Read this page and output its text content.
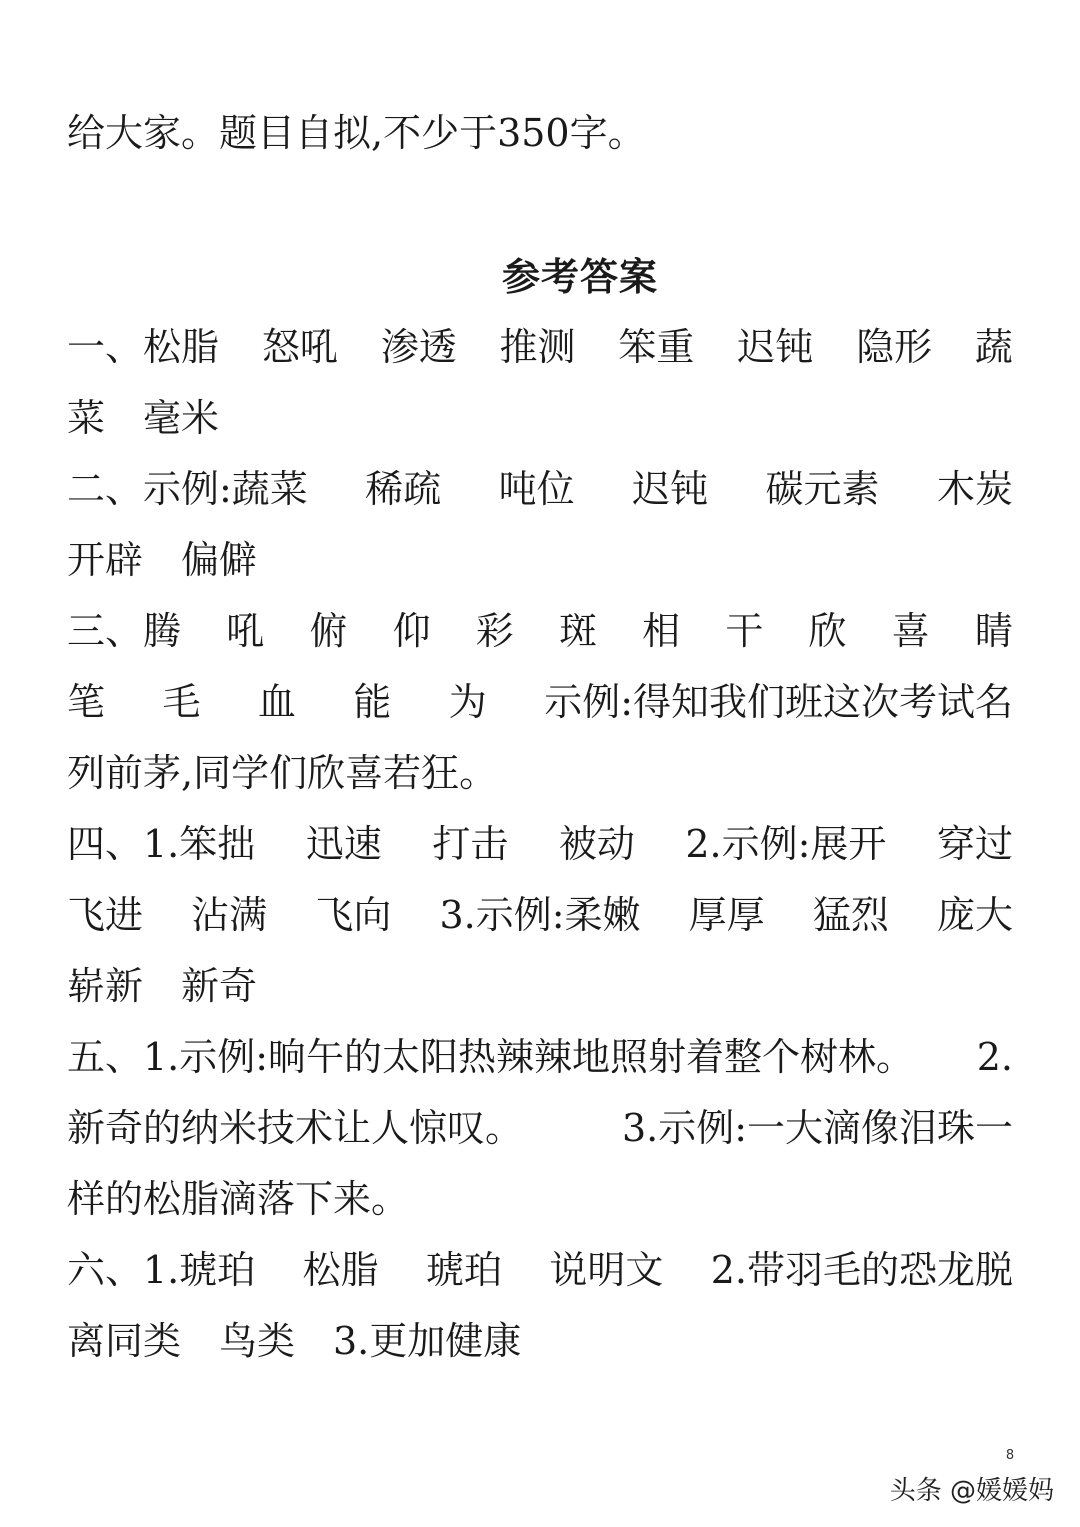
给大家。题目自拟,不少于350字。
参考答案
一、松脂 怒吼 渗透 推测 笨重 迟钝 隐形 蔬
菜　毫米
二、示例:蔬菜 稀疏 吨位 迟钝 碳元素 木炭
开辟　偏僻
三、腾 吼 俯 仰 彩 斑 相 干 欣 喜 睛
笔 毛 血 能 为 示例:得知我们班这次考试名
列前茅,同学们欣喜若狂。
四、1.笨拙 迅速 打击 被动 2.示例:展开 穿过
飞进 沾满 飞向 3.示例:柔嫩 厚厚 猛烈 庞大
崭新　新奇
五、1.示例:晌午的太阳热辣辣地照射着整个树林。 2.
新奇的纳米技术让人惊叹。	3.示例:一大滴像泪珠一
样的松脂滴落下来。
六、1.琥珀 松脂 琥珀 说明文 2.带羽毛的恐龙脱
离同类　鸟类　3.更加健康
8
头条 @媛媛妈
